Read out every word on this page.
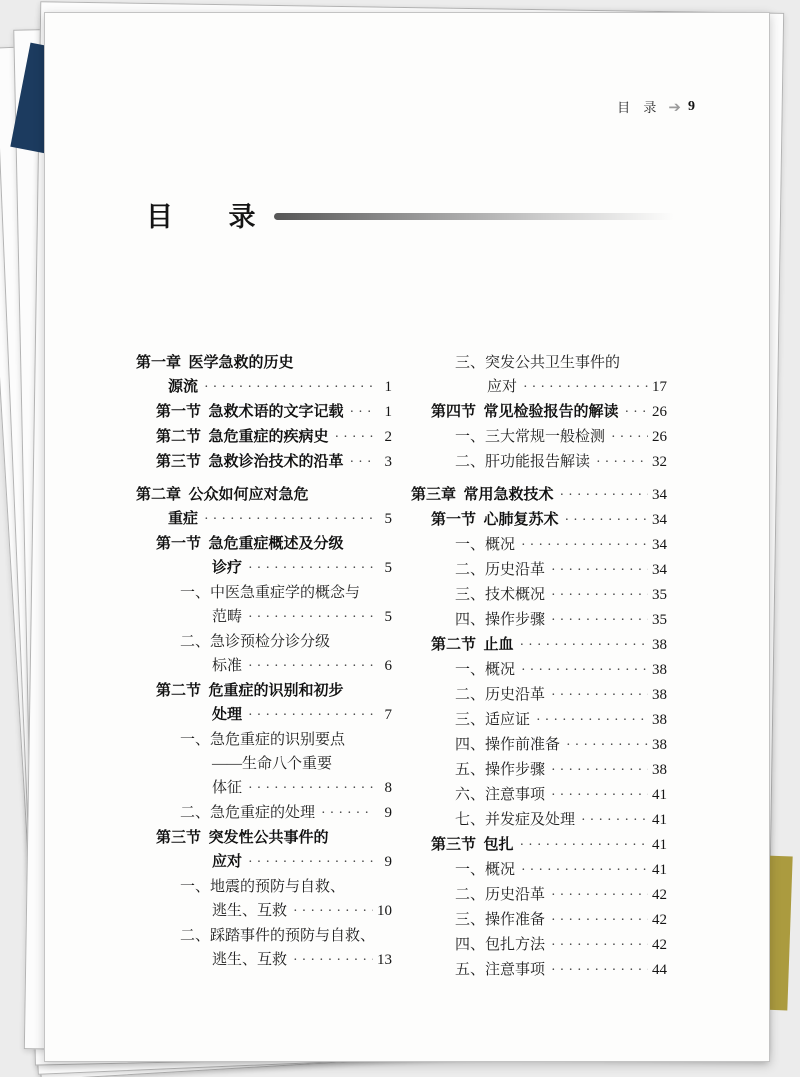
目 录 ➔ 9
目  录
第一章  医学急救的历史
源流 ·····	1
第一节  急救术语的文字记载 ·····	1
第二节  急危重症的疾病史 ·····	2
第三节  急救诊治技术的沿革 ·····	3
第二章  公众如何应对急危
重症 ·····	5
第一节  急危重症概述及分级
诊疗 ·····	5
一、中医急重症学的概念与
范畴 ·····	5
二、急诊预检分诊分级
标准 ·····	6
第二节  危重症的识别和初步
处理 ·····	7
一、急危重症的识别要点
——生命八个重要
体征 ·····	8
二、急危重症的处理 ·····	9
第三节  突发性公共事件的
应对 ·····	9
一、地震的预防与自救、
逃生、互救 ·····	10
二、踩踏事件的预防与自救、
逃生、互救 ·····	13
三、突发公共卫生事件的
应对 ·····	17
第四节  常见检验报告的解读 ····· 26
一、三大常规一般检测 ·····	26
二、肝功能报告解读 ·····	32
第三章  常用急救技术 ·····	34
第一节  心肺复苏术 ·····	34
一、概况 ·····	34
二、历史沿革 ·····	34
三、技术概况 ·····	35
四、操作步骤 ·····	35
第二节  止血 ·····	38
一、概况 ·····	38
二、历史沿革 ·····	38
三、适应证 ·····	38
四、操作前准备 ·····	38
五、操作步骤 ·····	38
六、注意事项 ·····	41
七、并发症及处理 ·····	41
第三节  包扎 ·····	41
一、概况 ·····	41
二、历史沿革 ·····	42
三、操作准备 ·····	42
四、包扎方法 ·····	42
五、注意事项 ·····	44
